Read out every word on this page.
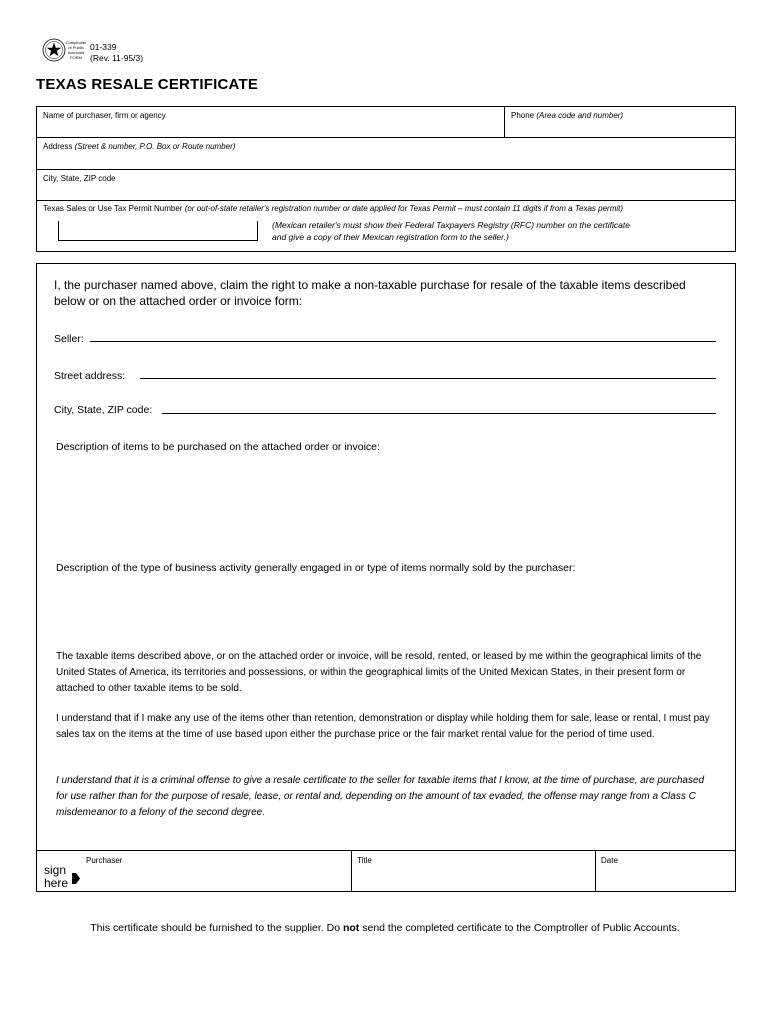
Comptroller
of Public
Accounts
FORM
01-339
(Rev. 11-95/3)
TEXAS RESALE CERTIFICATE
Name of purchaser, firm or agency	Phone (Area code and number)
Address (Street & number, P.O. Box or Route number)
City, State, ZIP code
Texas Sales or Use Tax Permit Number (or out-of-state retailer's registration number or date applied for Texas Permit – must contain 11 digits if from a Texas permit)
(Mexican retailer's must show their Federal Taxpayers Registry (RFC) number on the certificate
and give a copy of their Mexican registration form to the seller.)
I, the purchaser named above, claim the right to make a non-taxable purchase for resale of the taxable items described below or on the attached order or invoice form:
Seller:
Street address:
City, State, ZIP code:
Description of items to be purchased on the attached order or invoice:
Description of the type of business activity generally engaged in or type of items normally sold by the purchaser:
The taxable items described above, or on the attached order or invoice, will be resold, rented, or leased by me within the geographical limits of the United States of America, its territories and possessions, or within the geographical limits of the United Mexican States, in their present form or attached to other taxable items to be sold.
I understand that if I make any use of the items other than retention, demonstration or display while holding them for sale, lease or rental, I must pay sales tax on the items at the time of use based upon either the purchase price or the fair market rental value for the period of time used.
I understand that it is a criminal offense to give a resale certificate to the seller for taxable items that I know, at the time of purchase, are purchased for use rather than for the purpose of resale, lease, or rental and, depending on the amount of tax evaded, the offense may range from a Class C misdemeanor to a felony of the second degree.
Purchaser	Title	Date
sign
here
This certificate should be furnished to the supplier. Do not send the completed certificate to the Comptroller of Public Accounts.
